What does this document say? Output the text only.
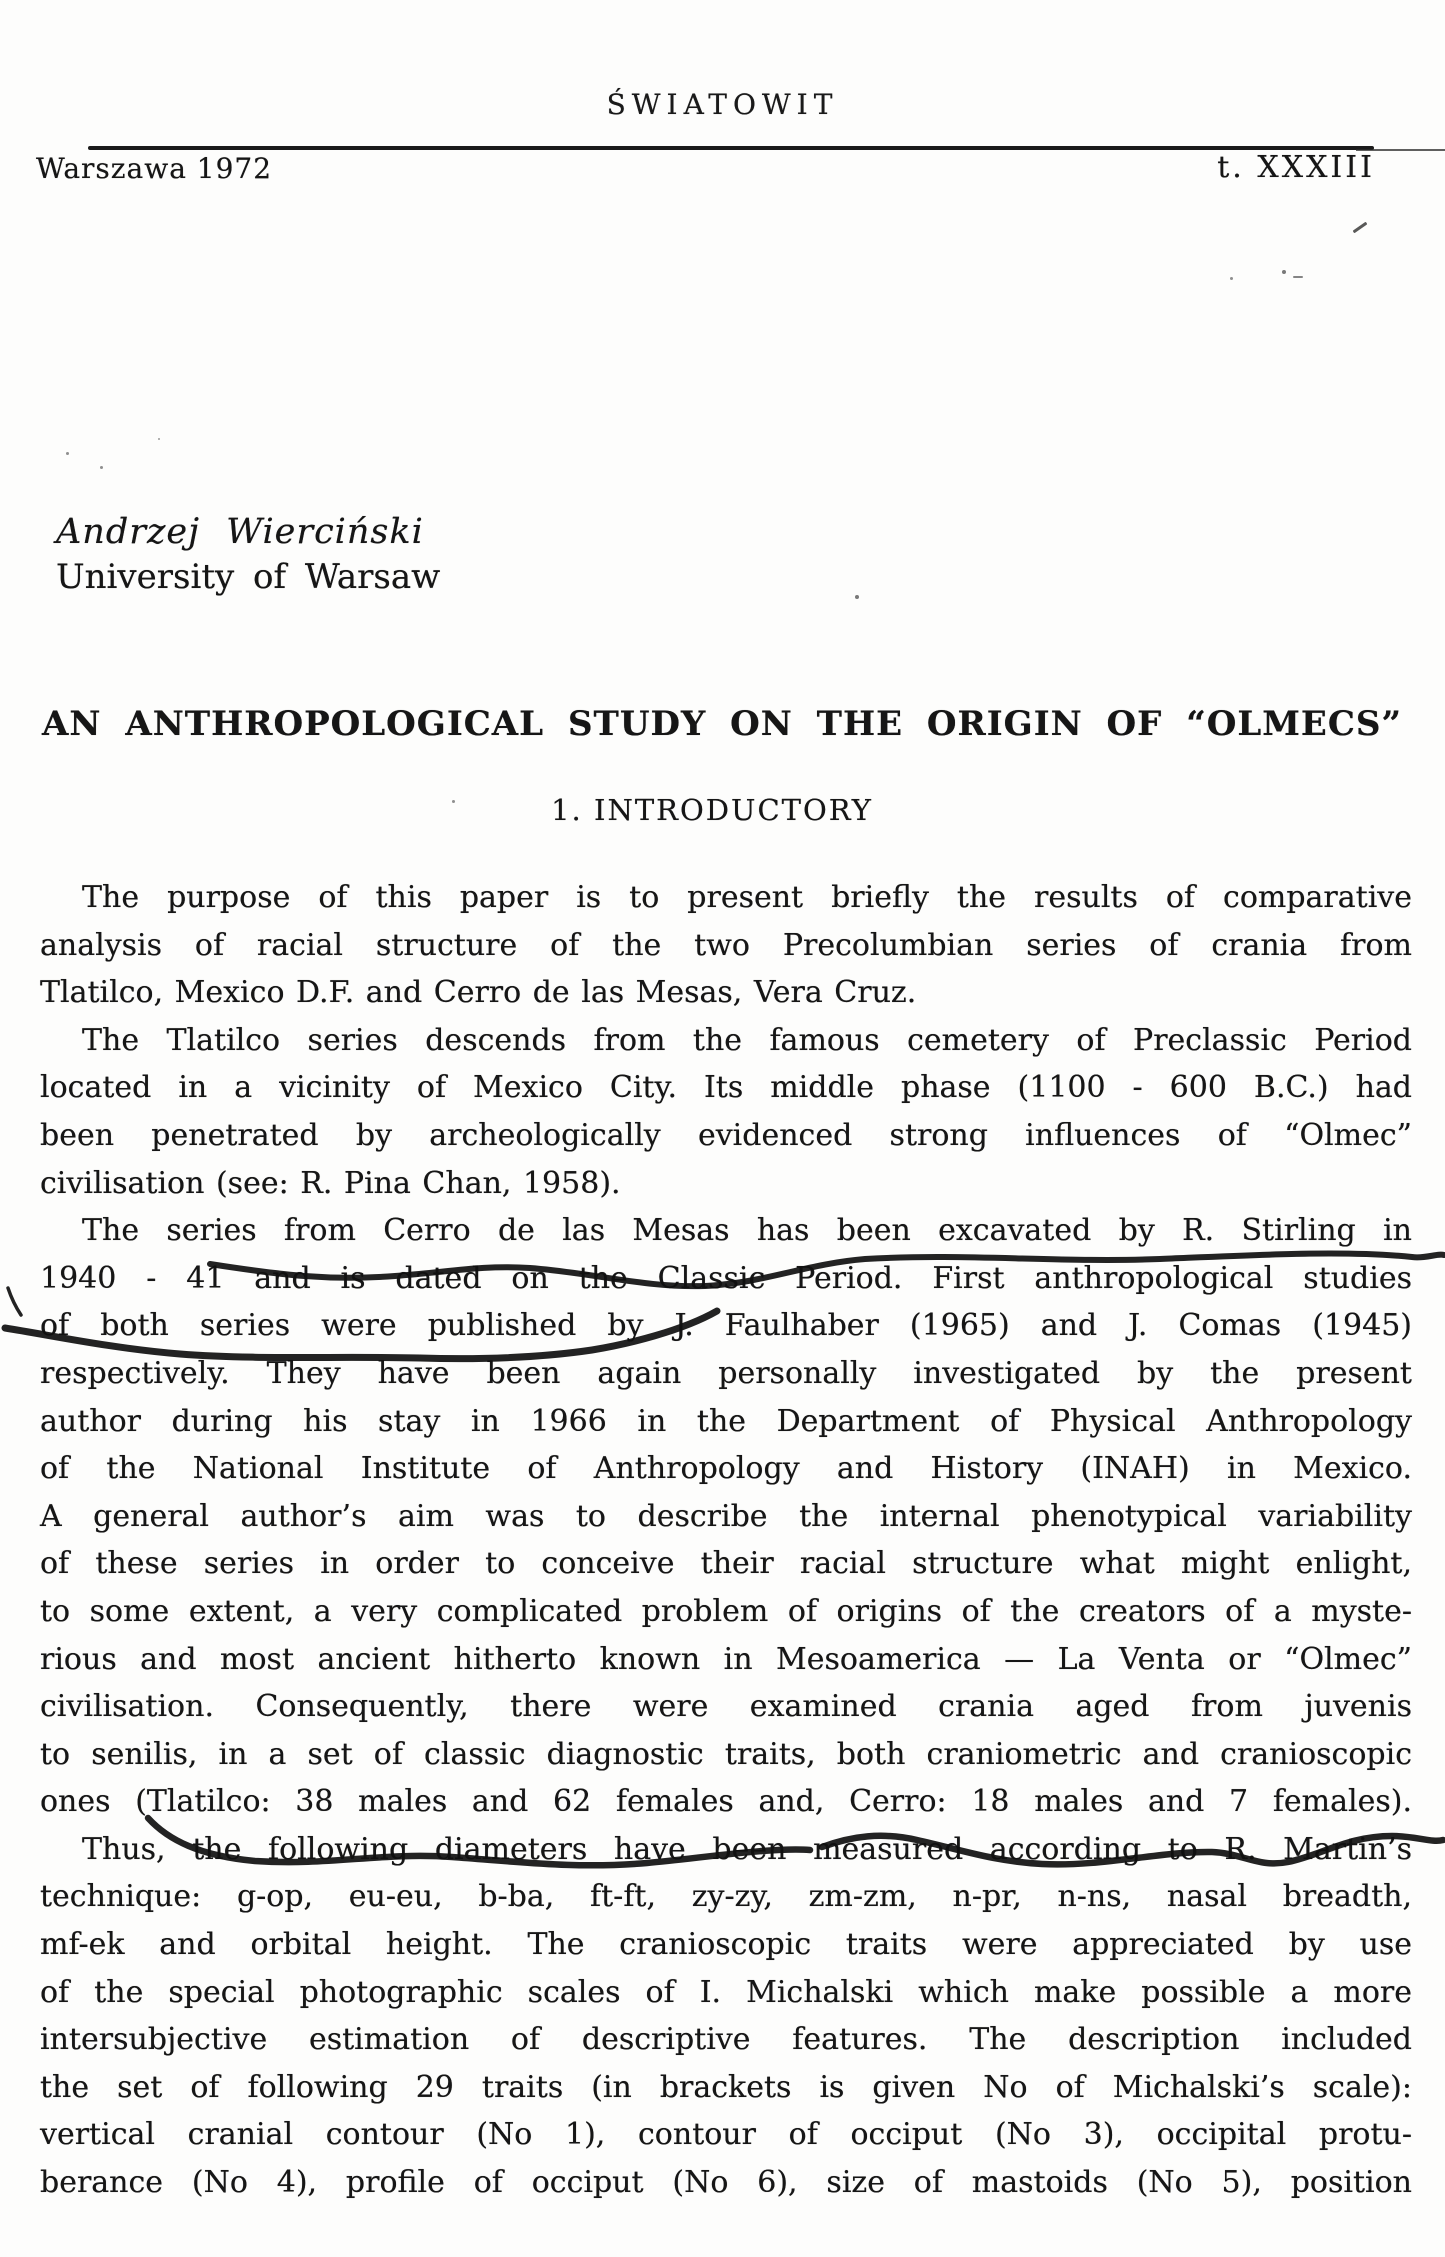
ŚWIATOWIT
Warszawa 1972	t. XXXIII
Andrzej Wierciński
University of Warsaw
AN ANTHROPOLOGICAL STUDY ON THE ORIGIN OF “OLMECS”
1. INTRODUCTORY
The purpose of this paper is to present briefly the results of comparative
analysis of racial structure of the two Precolumbian series of crania from
Tlatilco, Mexico D.F. and Cerro de las Mesas, Vera Cruz.
The Tlatilco series descends from the famous cemetery of Preclassic Period
located in a vicinity of Mexico City. Its middle phase (1100 - 600 B.C.) had
been penetrated by archeologically evidenced strong influences of “Olmec”
civilisation (see: R. Pina Chan, 1958).
The series from Cerro de las Mesas has been excavated by R. Stirling in
1940 - 41 and is dated on the Classic Period. First anthropological studies
of both series were published by J. Faulhaber (1965) and J. Comas (1945)
respectively. They have been again personally investigated by the present
author during his stay in 1966 in the Department of Physical Anthropology
of the National Institute of Anthropology and History (INAH) in Mexico.
A general author’s aim was to describe the internal phenotypical variability
of these series in order to conceive their racial structure what might enlight,
to some extent, a very complicated problem of origins of the creators of a myste-
rious and most ancient hitherto known in Mesoamerica — La Venta or “Olmec”
civilisation. Consequently, there were examined crania aged from juvenis
to senilis, in a set of classic diagnostic traits, both craniometric and cranioscopic
ones (Tlatilco: 38 males and 62 females and, Cerro: 18 males and 7 females).
Thus, the following diameters have been measured according to R. Martin’s
technique: g-op, eu-eu, b-ba, ft-ft, zy-zy, zm-zm, n-pr, n-ns, nasal breadth,
mf-ek and orbital height. The cranioscopic traits were appreciated by use
of the special photographic scales of I. Michalski which make possible a more
intersubjective estimation of descriptive features. The description included
the set of following 29 traits (in brackets is given No of Michalski’s scale):
vertical cranial contour (No 1), contour of occiput (No 3), occipital protu-
berance (No 4), profile of occiput (No 6), size of mastoids (No 5), position
